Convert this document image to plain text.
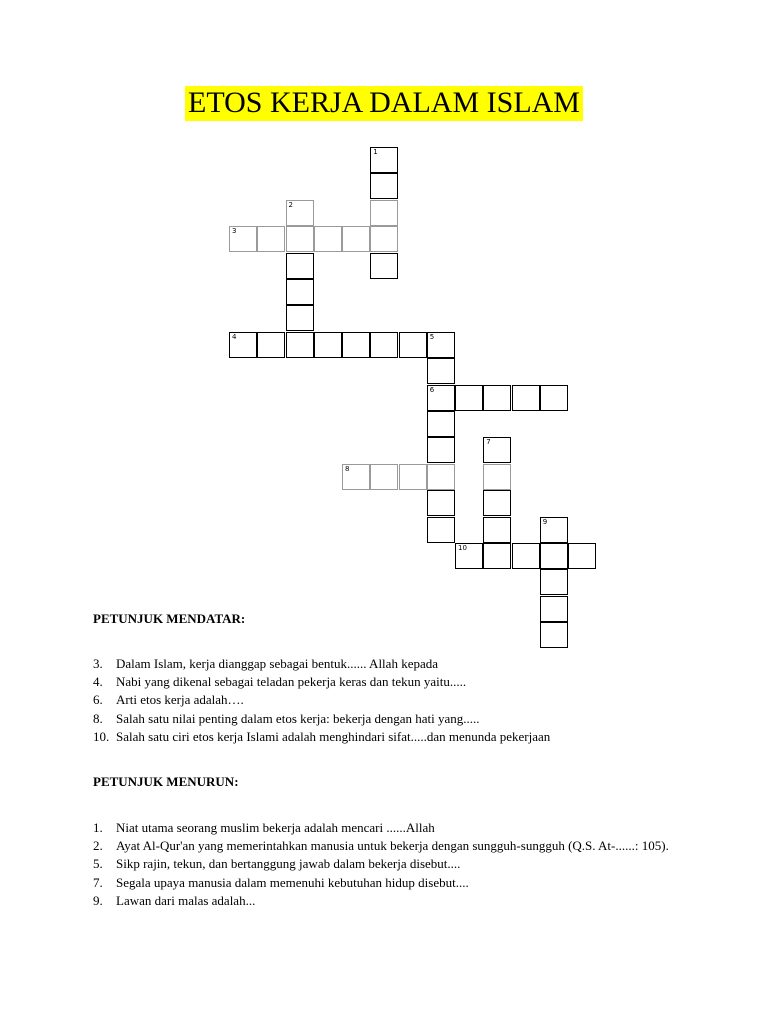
ETOS KERJA DALAM ISLAM
1
2
3
4	5
6
7
8
9
10
PETUNJUK MENDATAR:
3.	Dalam Islam, kerja dianggap sebagai bentuk...... Allah kepada
4.	Nabi yang dikenal sebagai teladan pekerja keras dan tekun yaitu.....
6.	Arti etos kerja adalah….
8.	Salah satu nilai penting dalam etos kerja: bekerja dengan hati yang.....
10. Salah satu ciri etos kerja Islami adalah menghindari sifat.....dan menunda pekerjaan
PETUNJUK MENURUN:
1.	Niat utama seorang muslim bekerja adalah mencari ......Allah
2.	Ayat Al-Qur'an yang memerintahkan manusia untuk bekerja dengan sungguh-sungguh (Q.S. At-......: 105).
5.	Sikp rajin, tekun, dan bertanggung jawab dalam bekerja disebut....
7.	Segala upaya manusia dalam memenuhi kebutuhan hidup disebut....
9.	Lawan dari malas adalah...
